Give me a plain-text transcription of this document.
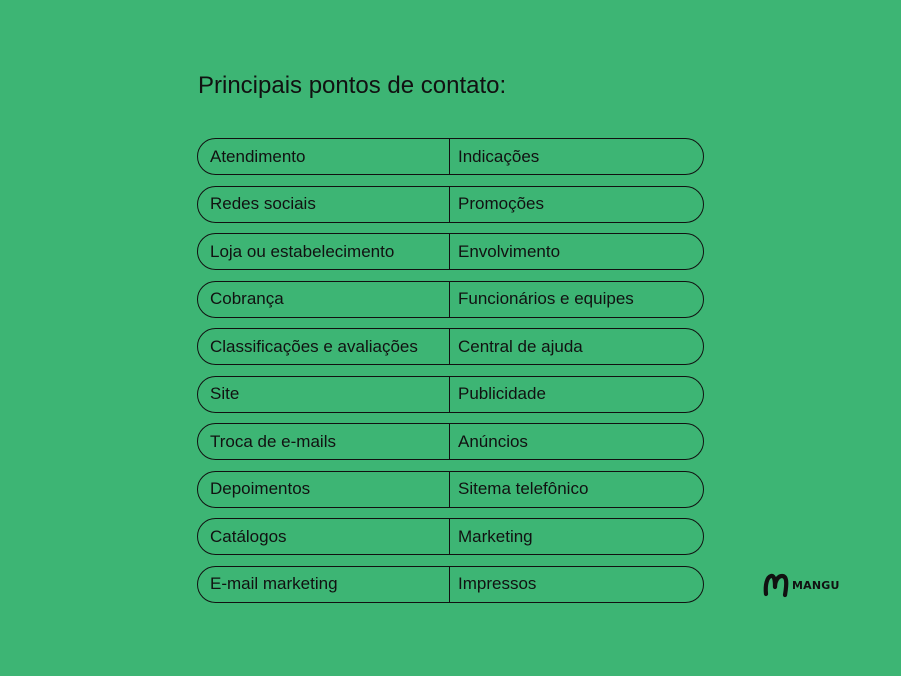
Principais pontos de contato:
Atendimento	Indicações
Redes sociais	Promoções
Loja ou estabelecimento	Envolvimento
Cobrança	Funcionários e equipes
Classificações e avaliações	Central de ajuda
Site	Publicidade
Troca de e-mails	Anúncios
Depoimentos	Sitema telefônico
Catálogos	Marketing
E-mail marketing	Impressos	MANGU
